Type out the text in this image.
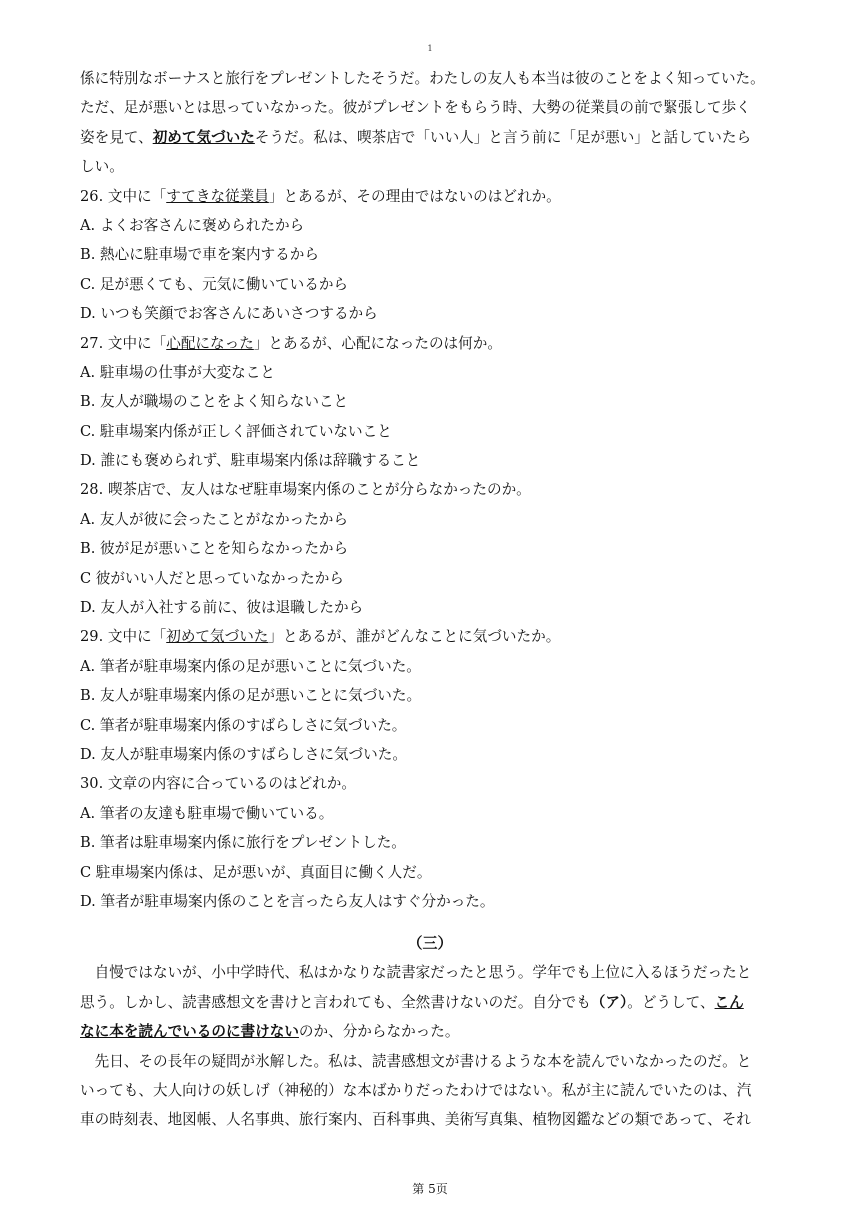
1
係に特別なボーナスと旅行をプレゼントしたそうだ。わたしの友人も本当は彼のことをよく知っていた。
ただ、足が悪いとは思っていなかった。彼がプレゼントをもらう時、大勢の従業員の前で緊張して歩く
姿を見て、初めて気づいたそうだ。私は、喫茶店で「いい人」と言う前に「足が悪い」と話していたら
しい。
26. 文中に「すてきな従業員」とあるが、その理由ではないのはどれか。
A. よくお客さんに褒められたから
B. 熱心に駐車場で車を案内するから
C. 足が悪くても、元気に働いているから
D. いつも笑顔でお客さんにあいさつするから
27. 文中に「心配になった」とあるが、心配になったのは何か。
A. 駐車場の仕事が大変なこと
B. 友人が職場のことをよく知らないこと
C. 駐車場案内係が正しく評価されていないこと
D. 誰にも褒められず、駐車場案内係は辞職すること
28. 喫茶店で、友人はなぜ駐車場案内係のことが分らなかったのか。
A. 友人が彼に会ったことがなかったから
B. 彼が足が悪いことを知らなかったから
C 彼がいい人だと思っていなかったから
D. 友人が入社する前に、彼は退職したから
29. 文中に「初めて気づいた」とあるが、誰がどんなことに気づいたか。
A. 筆者が駐車場案内係の足が悪いことに気づいた。
B. 友人が駐車場案内係の足が悪いことに気づいた。
C. 筆者が駐車場案内係のすばらしさに気づいた。
D. 友人が駐車場案内係のすばらしさに気づいた。
30. 文章の内容に合っているのはどれか。
A. 筆者の友達も駐車場で働いている。
B. 筆者は駐車場案内係に旅行をプレゼントした。
C 駐車場案内係は、足が悪いが、真面目に働く人だ。
D. 筆者が駐車場案内係のことを言ったら友人はすぐ分かった。
（三）
自慢ではないが、小中学時代、私はかなりな読書家だったと思う。学年でも上位に入るほうだったと
思う。しかし、読書感想文を書けと言われても、全然書けないのだ。自分でも（ア）。どうして、こん
なに本を読んでいるのに書けないのか、分からなかった。
先日、その長年の疑問が氷解した。私は、読書感想文が書けるような本を読んでいなかったのだ。と
いっても、大人向けの妖しげ（神秘的）な本ばかりだったわけではない。私が主に読んでいたのは、汽
車の時刻表、地図帳、人名事典、旅行案内、百科事典、美術写真集、植物図鑑などの類であって、それ
第 5页
